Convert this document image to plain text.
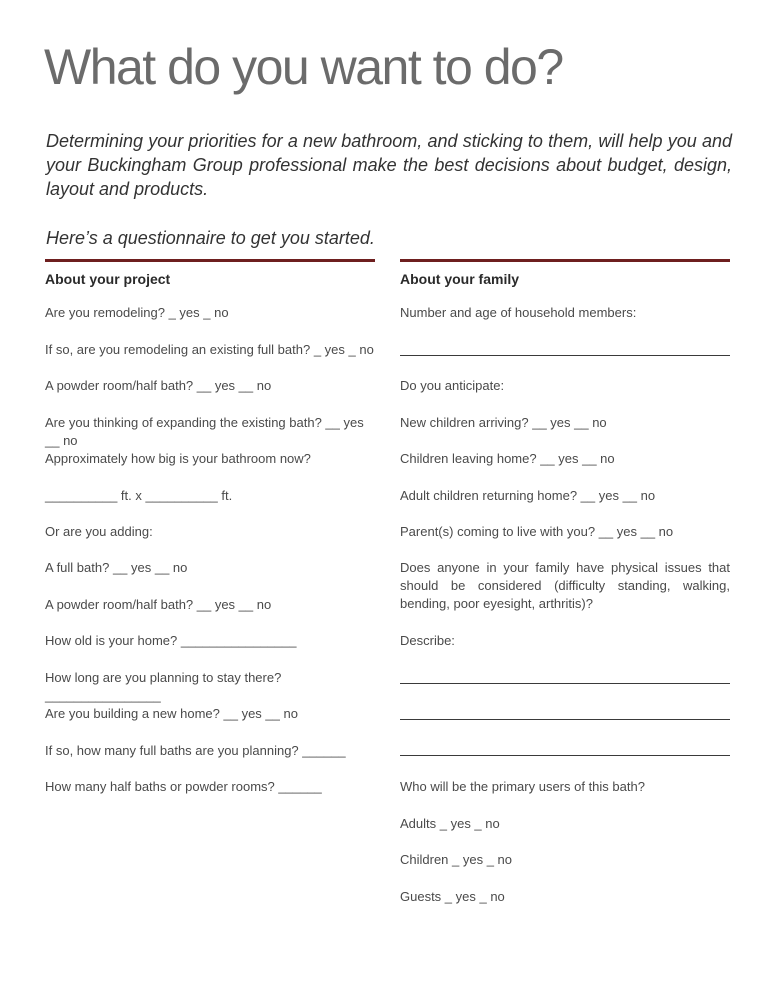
What do you want to do?

Determining your priorities for a new bathroom, and sticking to them, will help you and your Buckingham Group professional make the best decisions about budget, design, layout and products.

Here’s a questionnaire to get you started.

About your project
Are you remodeling? _ yes _ no
If so, are you remodeling an existing full bath? _ yes _ no
A powder room/half bath? __ yes __ no
Are you thinking of expanding the existing bath? __ yes __ no
Approximately how big is your bathroom now?
__________ ft. x __________ ft.
Or are you adding:
A full bath? __ yes __ no
A powder room/half bath? __ yes __ no
How old is your home? ________________
How long are you planning to stay there? ________________
Are you building a new home? __ yes __ no
If so, how many full baths are you planning? ______
How many half baths or powder rooms? ______
About your family
Number and age of household members:
Do you anticipate:
New children arriving? __ yes __ no
Children leaving home? __ yes __ no
Adult children returning home? __ yes __ no
Parent(s) coming to live with you? __ yes __ no
Does anyone in your family have physical issues that should be considered (difficulty standing, walking, bending, poor eyesight, arthritis)?
Describe:
Who will be the primary users of this bath?
Adults _ yes _ no
Children _ yes _ no
Guests _ yes _ no
